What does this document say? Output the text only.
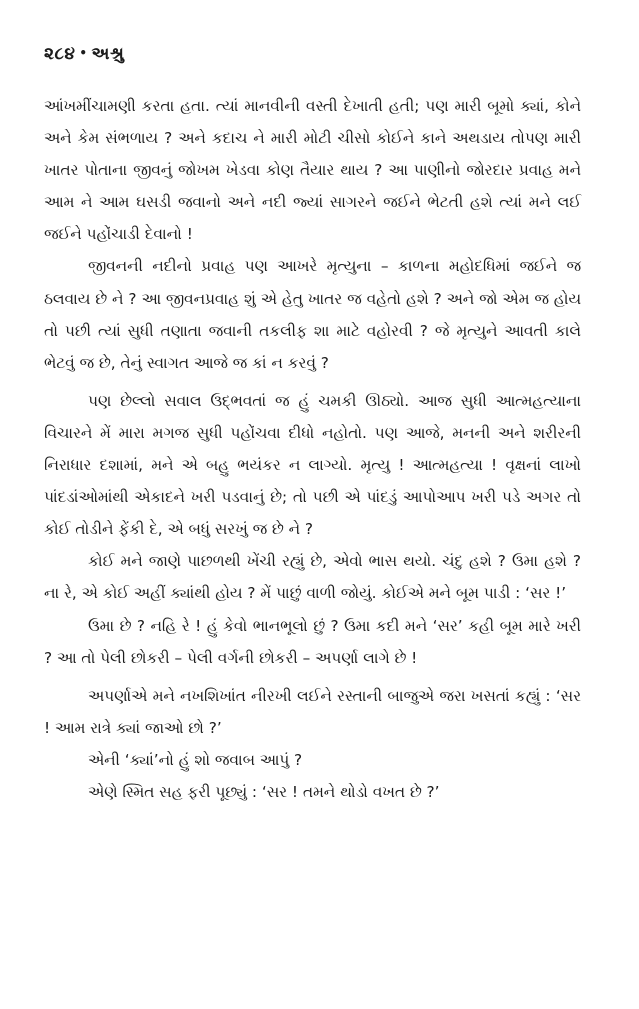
૨૮૪ • અશ્રુ

આંખમીંચામણી કરતા હતા. ત્યાં માનવીની વસ્તી દેખાતી હતી; પણ મારી બૂમો ક્યાં, કોને અને કેમ સંભળાય ? અને કદાચ ને મારી મોટી ચીસો કોઈને કાને અથડાય તોપણ મારી ખાતર પોતાના જીવનું જોખમ ખેડવા કોણ તૈયાર થાય ? આ પાણીનો જોરદાર પ્રવાહ મને આમ ને આમ ઘસડી જવાનો અને નદી જ્યાં સાગરને જઈને ભેટતી હશે ત્યાં મને લઈ જઈને પહોંચાડી દેવાનો !

જીવનની નદીનો પ્રવાહ પણ આખરે મૃત્યુના – કાળના મહોદધિમાં જઈને જ ઠલવાય છે ને ? આ જીવનપ્રવાહ શું એ હેતુ ખાતર જ વહેતો હશે ? અને જો એમ જ હોય તો પછી ત્યાં સુધી તણાતા જવાની તકલીફ શા માટે વહોરવી ? જે મૃત્યુને આવતી કાલે ભેટવું જ છે, તેનું સ્વાગત આજે જ કાં ન કરવું ?

પણ છેલ્લો સવાલ ઉદ્‌ભવતાં જ હું ચમકી ઊઠ્યો. આજ સુધી આત્મહત્યાના વિચારને મેં મારા મગજ સુધી પહોંચવા દીધો નહોતો. પણ આજે, મનની અને શરીરની નિરાધાર દશામાં, મને એ બહુ ભયંકર ન લાગ્યો. મૃત્યુ ! આત્મહત્યા ! વૃક્ષનાં લાખો પાંદડાંઓમાંથી એકાદને ખરી પડવાનું છે; તો પછી એ પાંદડું આપોઆપ ખરી પડે અગર તો કોઈ તોડીને ફેંકી દે, એ બધું સરખું જ છે ને ?

કોઈ મને જાણે પાછળથી ખેંચી રહ્યું છે, એવો ભાસ થયો. ચંદુ હશે ? ઉમા હશે ? ના રે, એ કોઈ અહીં ક્યાંથી હોય ? મેં પાછું વાળી જોયું. કોઈએ મને બૂમ પાડી : ‘સર !’

ઉમા છે ? નહિ રે ! હું કેવો ભાનભૂલો છું ? ઉમા કદી મને ‘સર’ કહી બૂમ મારે ખરી ? આ તો પેલી છોકરી – પેલી વર્ગની છોકરી – અપર્ણા લાગે છે !

અપર્ણાએ મને નખશિખાંત નીરખી લઈને રસ્તાની બાજુએ જરા ખસતાં કહ્યું : ‘સર ! આમ રાત્રે ક્યાં જાઓ છો ?’

એની ‘ક્યાં’નો હું શો જવાબ આપું ?

એણે સ્મિત સહ ફરી પૂછ્યું : ‘સર ! તમને થોડો વખત છે ?’
